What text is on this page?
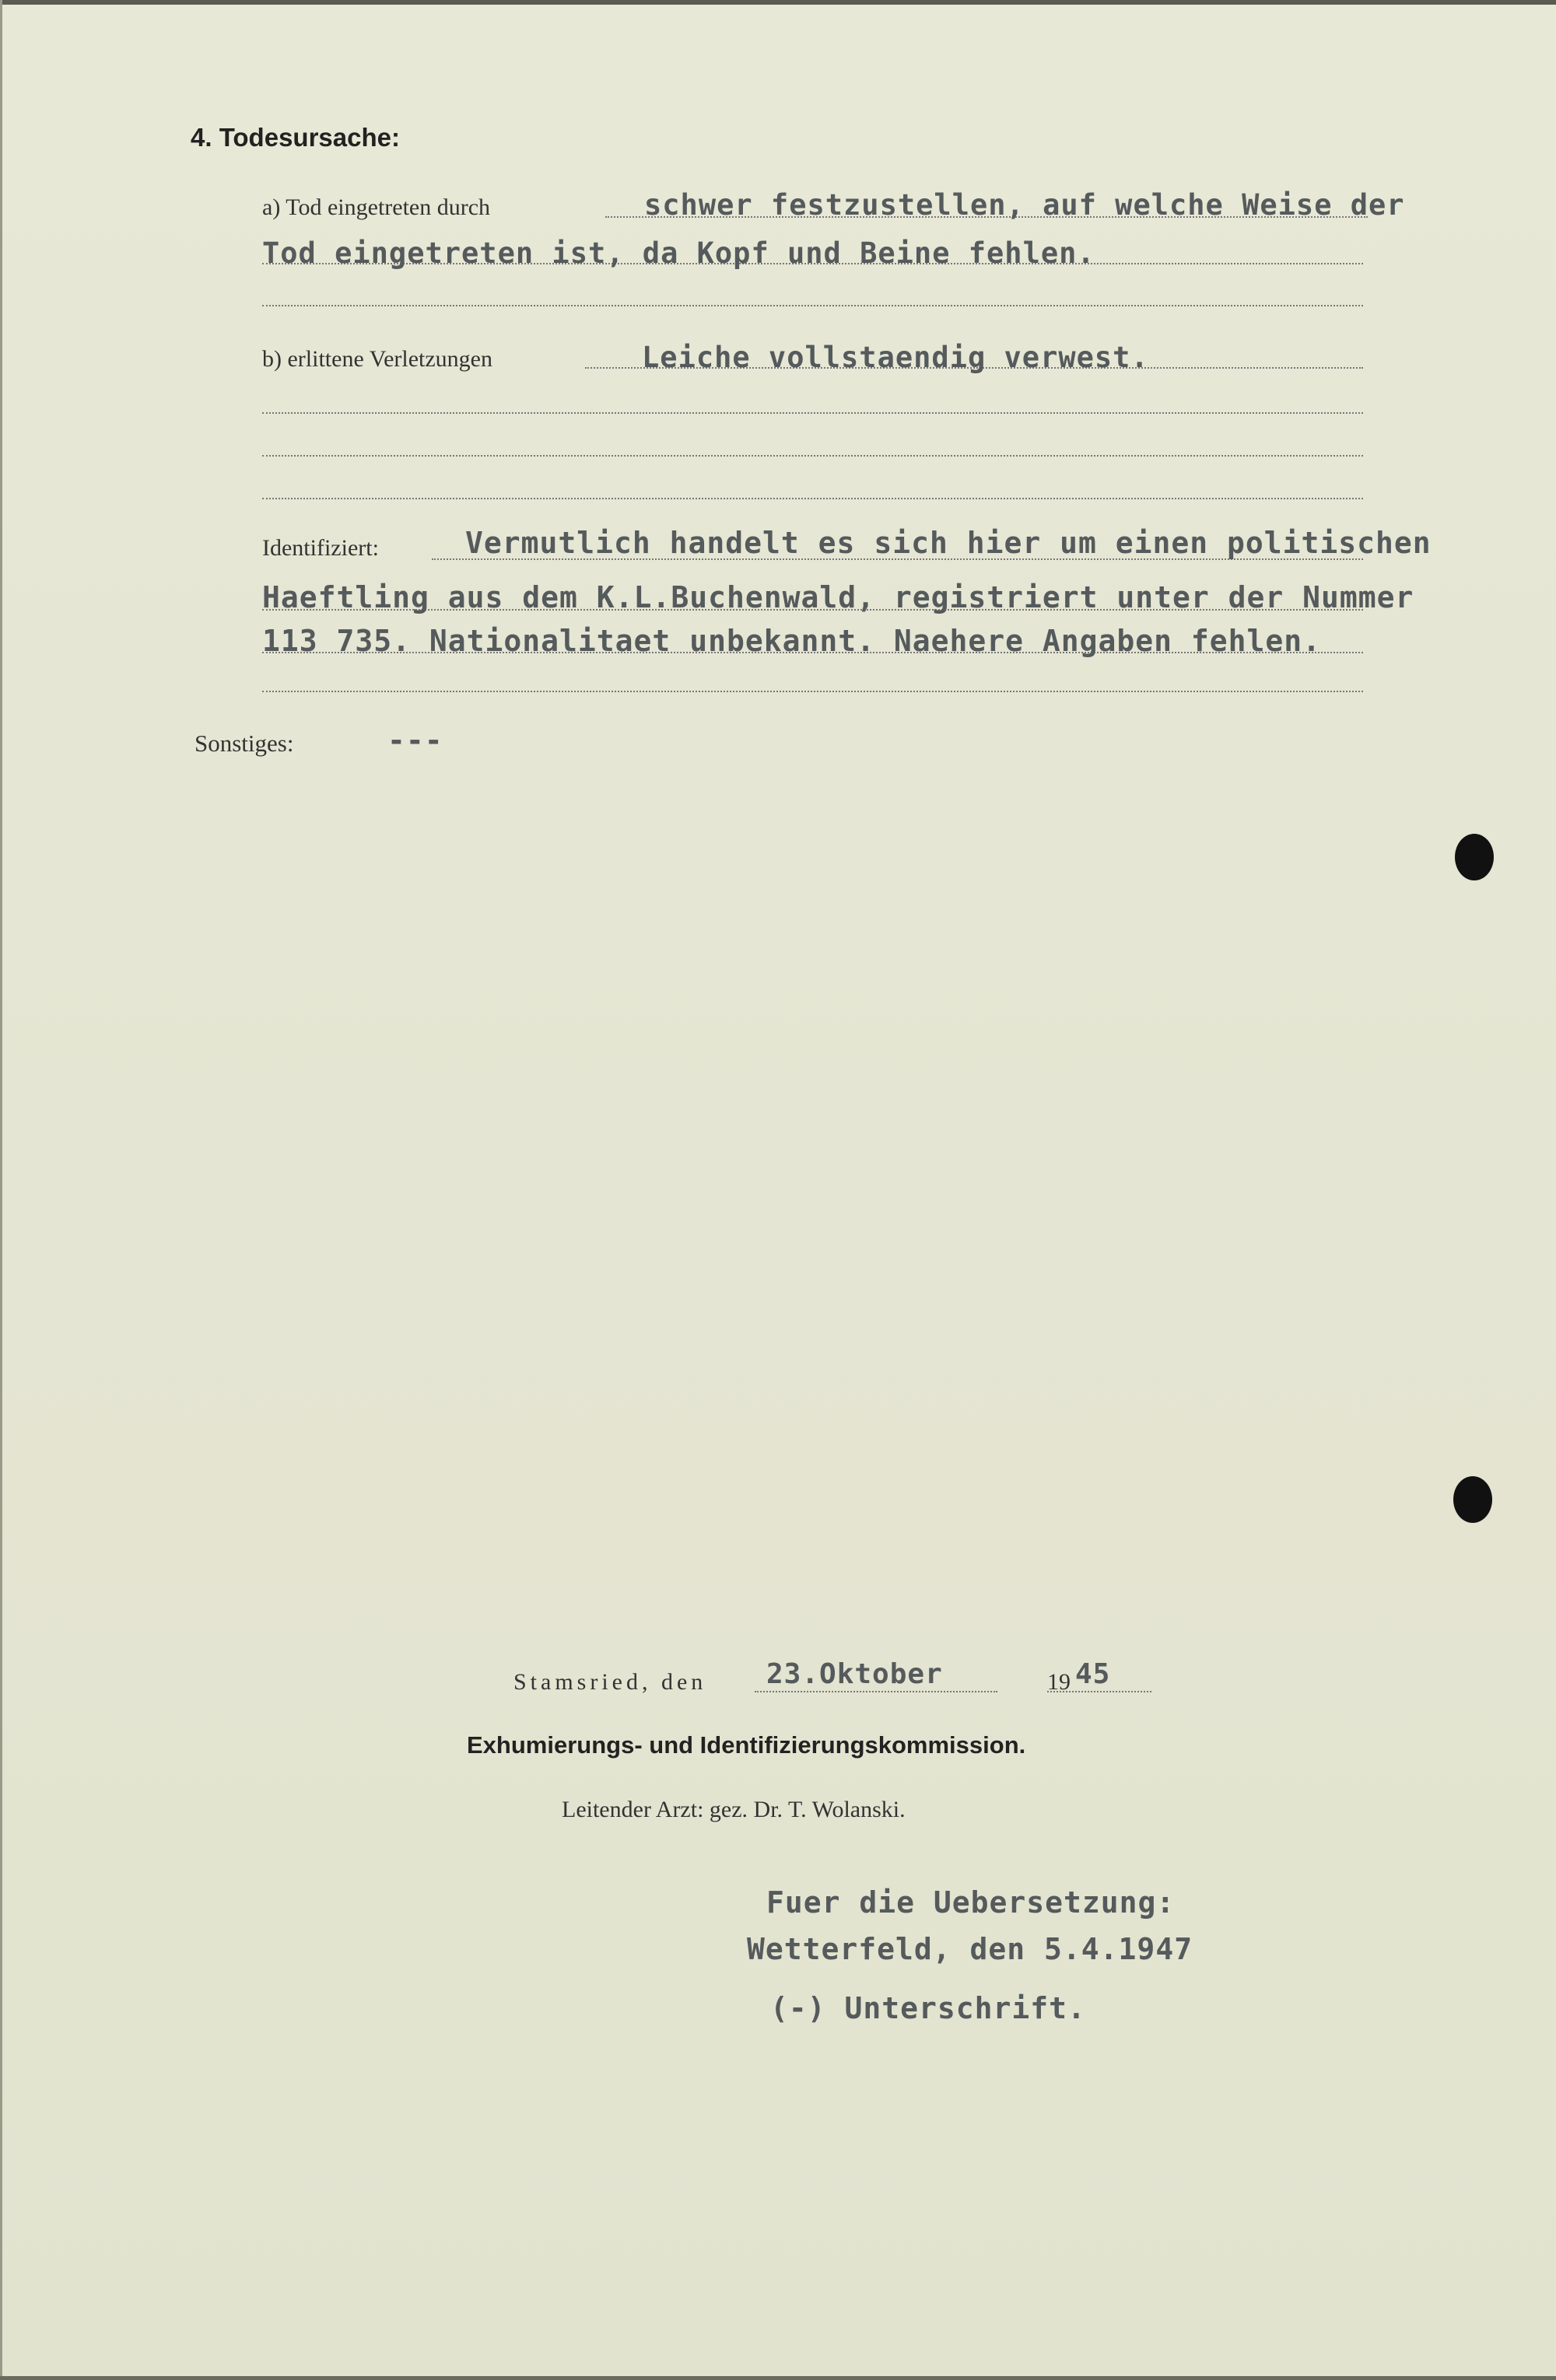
4. Todesursache:
a) Tod eingetreten durch	schwer festzustellen, auf welche Weise der
Tod eingetreten ist, da Kopf und Beine fehlen.
b) erlittene Verletzungen	Leiche vollstaendig verwest.
Identifiziert:	Vermutlich handelt es sich hier um einen politischen
Haeftling aus dem K.L.Buchenwald, registriert unter der Nummer
113 735. Nationalitaet unbekannt. Naehere Angaben fehlen.
Sonstiges:	---
Stamsried, den 23.Oktober	19 45
Exhumierungs- und Identifizierungskommission.
Leitender Arzt: gez. Dr. T. Wolanski.
Fuer die Uebersetzung:
Wetterfeld, den 5.4.1947
(-) Unterschrift.
